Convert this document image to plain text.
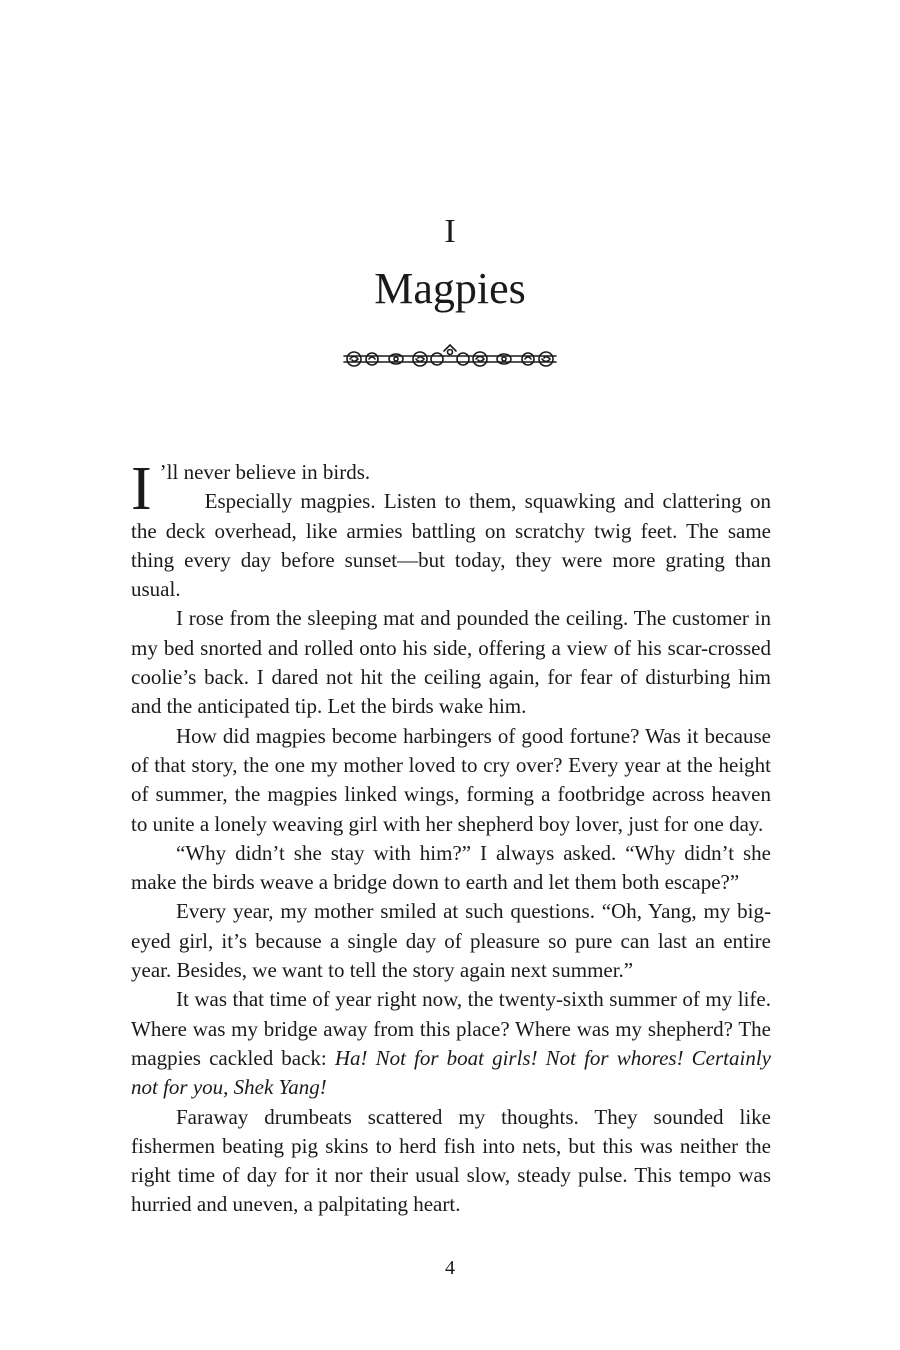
I
Magpies

I ’ll never believe in birds.

Especially magpies. Listen to them, squawking and clattering on the deck overhead, like armies battling on scratchy twig feet. The same thing every day before sunset—but today, they were more grating than usual.

I rose from the sleeping mat and pounded the ceiling. The customer in my bed snorted and rolled onto his side, offering a view of his scar-crossed coolie’s back. I dared not hit the ceiling again, for fear of disturbing him and the anticipated tip. Let the birds wake him.

How did magpies become harbingers of good fortune? Was it because of that story, the one my mother loved to cry over? Every year at the height of summer, the magpies linked wings, forming a footbridge across heaven to unite a lonely weaving girl with her shepherd boy lover, just for one day.

“Why didn’t she stay with him?” I always asked. “Why didn’t she make the birds weave a bridge down to earth and let them both escape?”

Every year, my mother smiled at such questions. “Oh, Yang, my big-eyed girl, it’s because a single day of pleasure so pure can last an entire year. Besides, we want to tell the story again next summer.”

It was that time of year right now, the twenty-sixth summer of my life. Where was my bridge away from this place? Where was my shepherd? The magpies cackled back: Ha! Not for boat girls! Not for whores! Certainly not for you, Shek Yang!

Faraway drumbeats scattered my thoughts. They sounded like fishermen beating pig skins to herd fish into nets, but this was neither the right time of day for it nor their usual slow, steady pulse. This tempo was hurried and uneven, a palpitating heart.

4
